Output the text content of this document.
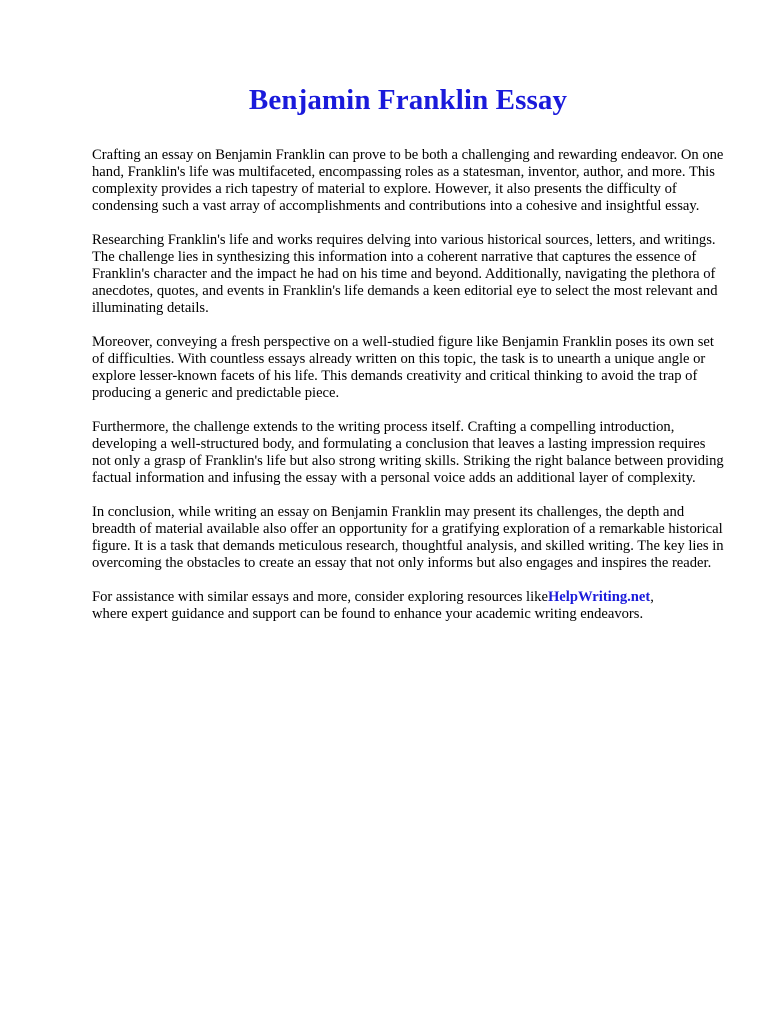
Benjamin Franklin Essay

Crafting an essay on Benjamin Franklin can prove to be both a challenging and rewarding endeavor. On one hand, Franklin's life was multifaceted, encompassing roles as a statesman, inventor, author, and more. This complexity provides a rich tapestry of material to explore. However, it also presents the difficulty of condensing such a vast array of accomplishments and contributions into a cohesive and insightful essay.

Researching Franklin's life and works requires delving into various historical sources, letters, and writings. The challenge lies in synthesizing this information into a coherent narrative that captures the essence of Franklin's character and the impact he had on his time and beyond. Additionally, navigating the plethora of anecdotes, quotes, and events in Franklin's life demands a keen editorial eye to select the most relevant and illuminating details.

Moreover, conveying a fresh perspective on a well-studied figure like Benjamin Franklin poses its own set of difficulties. With countless essays already written on this topic, the task is to unearth a unique angle or explore lesser-known facets of his life. This demands creativity and critical thinking to avoid the trap of producing a generic and predictable piece.

Furthermore, the challenge extends to the writing process itself. Crafting a compelling introduction, developing a well-structured body, and formulating a conclusion that leaves a lasting impression requires not only a grasp of Franklin's life but also strong writing skills. Striking the right balance between providing factual information and infusing the essay with a personal voice adds an additional layer of complexity.

In conclusion, while writing an essay on Benjamin Franklin may present its challenges, the depth and breadth of material available also offer an opportunity for a gratifying exploration of a remarkable historical figure. It is a task that demands meticulous research, thoughtful analysis, and skilled writing. The key lies in overcoming the obstacles to create an essay that not only informs but also engages and inspires the reader.

For assistance with similar essays and more, consider exploring resources likeHelpWriting.net,
where expert guidance and support can be found to enhance your academic writing endeavors.
